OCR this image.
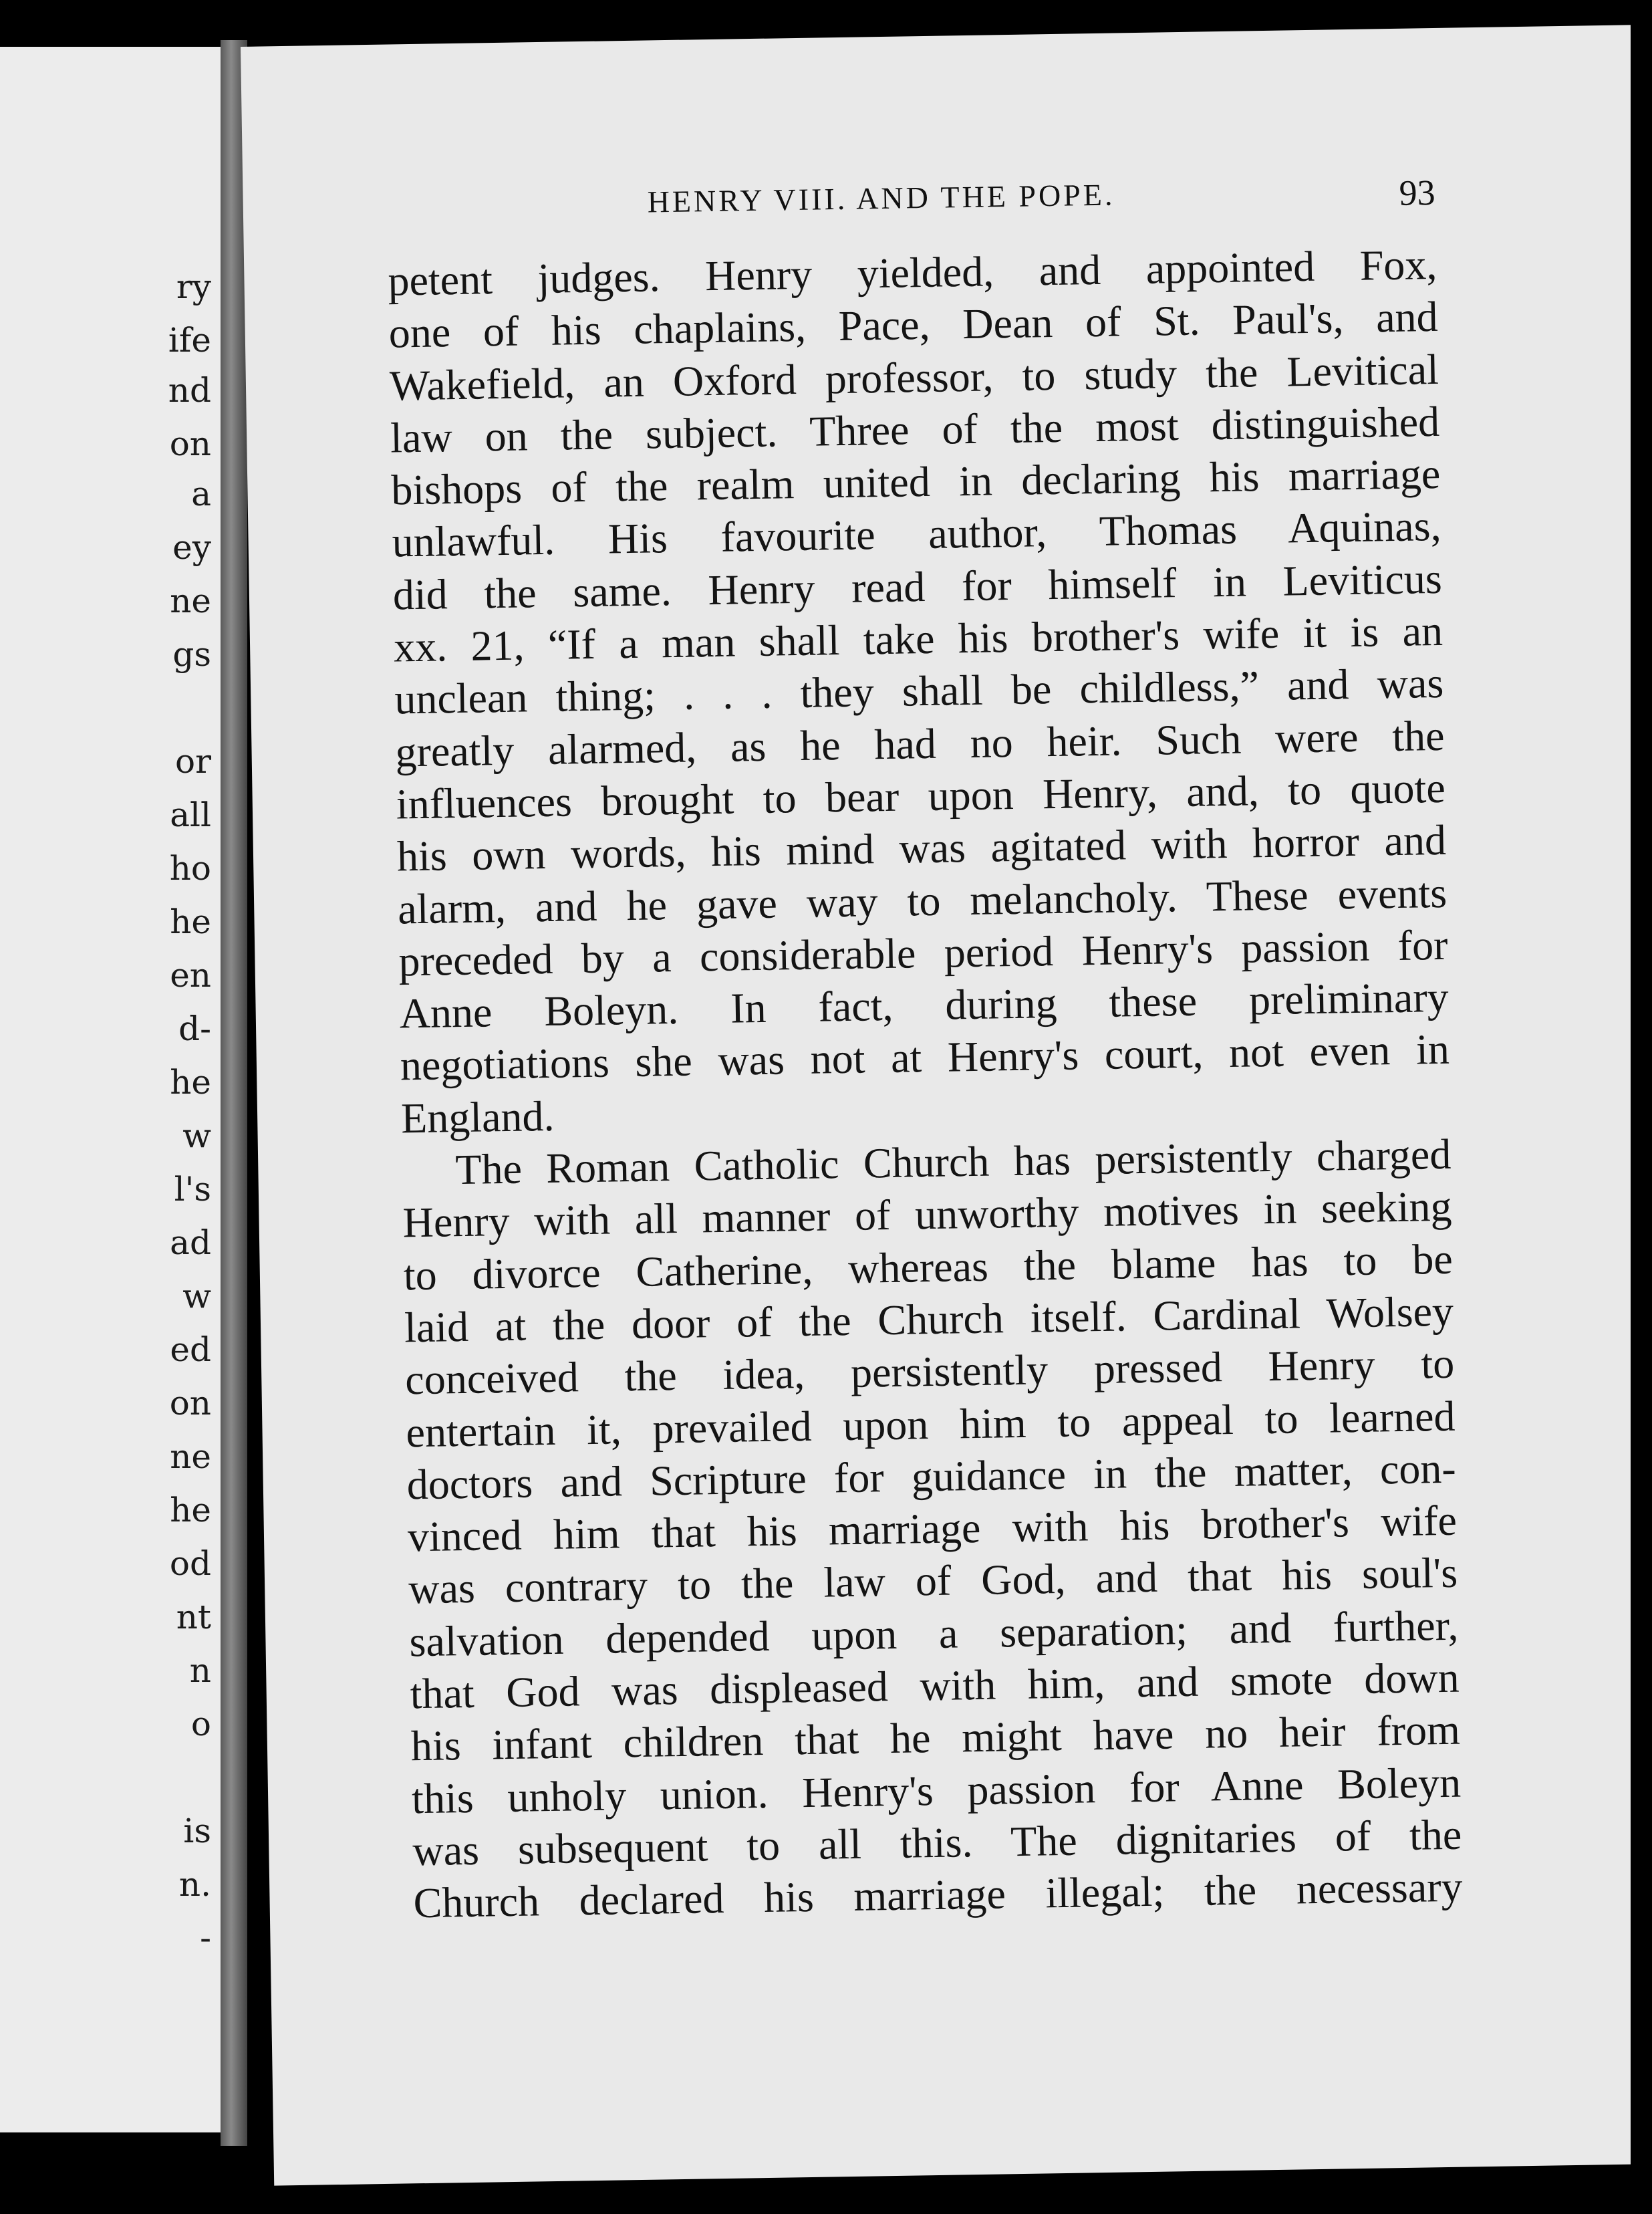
ry
ife
nd
on
a
ey
ne
gs
or
all
ho
he
en
d-
he
w
l's
ad
w
ed
on
ne
he
od
nt
n
o
is
n.
-
HENRY VIII. AND THE POPE.	93
petent judges. Henry yielded, and appointed Fox,
one of his chaplains, Pace, Dean of St. Paul's, and
Wakefield, an Oxford professor, to study the Levitical
law on the subject. Three of the most distinguished
bishops of the realm united in declaring his marriage
unlawful. His favourite author, Thomas Aquinas,
did the same. Henry read for himself in Leviticus
xx. 21, “If a man shall take his brother's wife it is an
unclean thing; . . . they shall be childless,” and was
greatly alarmed, as he had no heir. Such were the
influences brought to bear upon Henry, and, to quote
his own words, his mind was agitated with horror and
alarm, and he gave way to melancholy. These events
preceded by a considerable period Henry's passion for
Anne Boleyn. In fact, during these preliminary
negotiations she was not at Henry's court, not even in
England.
The Roman Catholic Church has persistently charged
Henry with all manner of unworthy motives in seeking
to divorce Catherine, whereas the blame has to be
laid at the door of the Church itself. Cardinal Wolsey
conceived the idea, persistently pressed Henry to
entertain it, prevailed upon him to appeal to learned
doctors and Scripture for guidance in the matter, con-
vinced him that his marriage with his brother's wife
was contrary to the law of God, and that his soul's
salvation depended upon a separation; and further,
that God was displeased with him, and smote down
his infant children that he might have no heir from
this unholy union. Henry's passion for Anne Boleyn
was subsequent to all this. The dignitaries of the
Church declared his marriage illegal; the necessary
